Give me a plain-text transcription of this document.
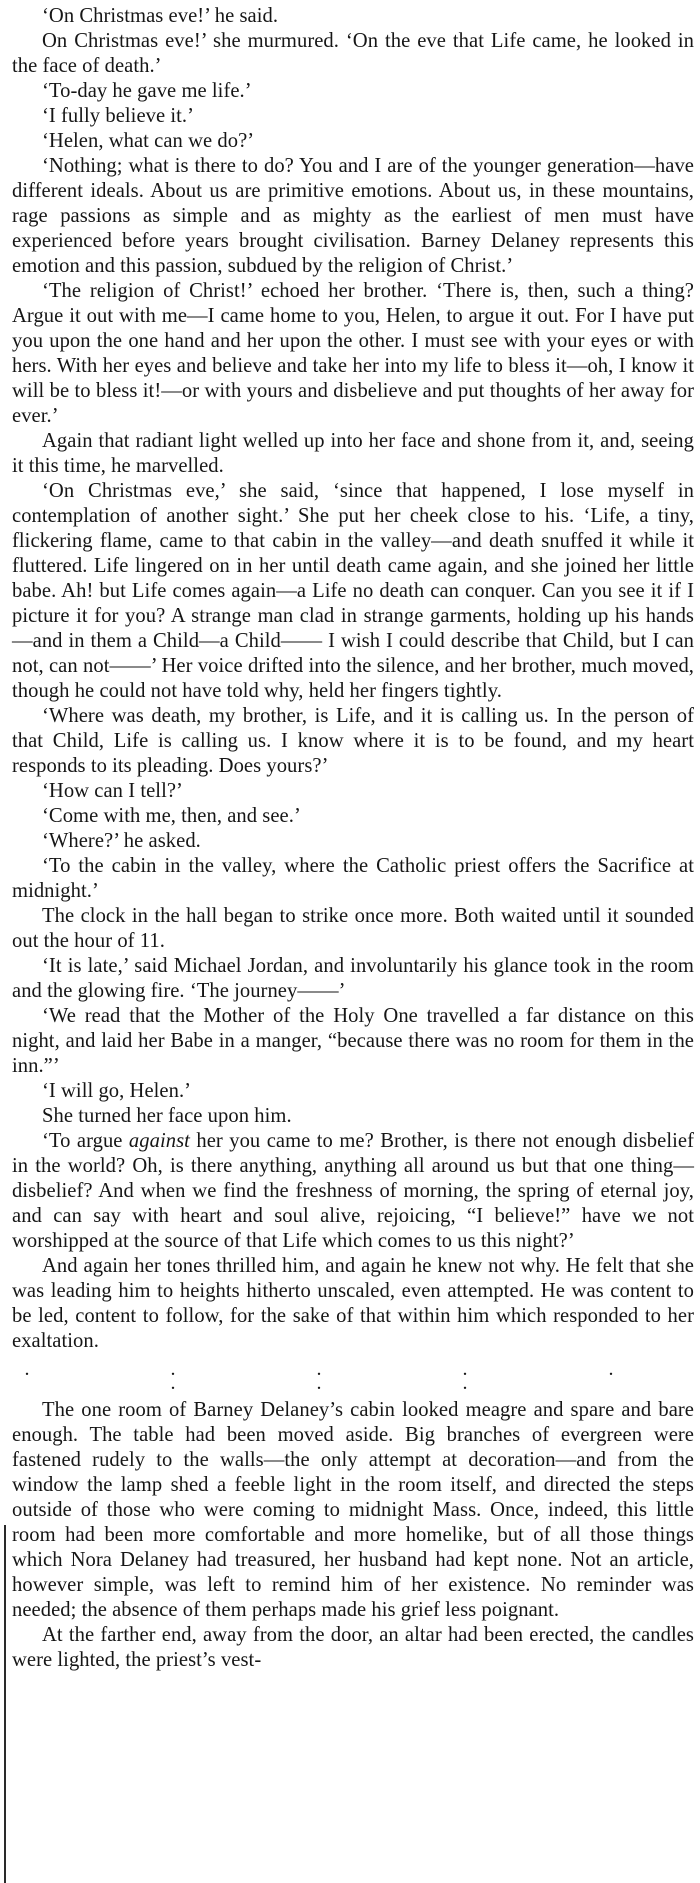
‘On Christmas eve!’ he said.

On Christmas eve!’ she murmured. ‘On the eve that Life came, he looked in the face of death.’

‘To-day he gave me life.’

‘I fully believe it.’

‘Helen, what can we do?’

‘Nothing; what is there to do? You and I are of the younger generation—have different ideals. About us are primitive emotions. About us, in these mountains, rage passions as simple and as mighty as the earliest of men must have experienced before years brought civilisation. Barney Delaney represents this emotion and this passion, subdued by the religion of Christ.’

‘The religion of Christ!’ echoed her brother. ‘There is, then, such a thing? Argue it out with me—I came home to you, Helen, to argue it out. For I have put you upon the one hand and her upon the other. I must see with your eyes or with hers. With her eyes and believe and take her into my life to bless it—oh, I know it will be to bless it!—or with yours and disbelieve and put thoughts of her away for ever.’

Again that radiant light welled up into her face and shone from it, and, seeing it this time, he marvelled.

‘On Christmas eve,’ she said, ‘since that happened, I lose myself in contemplation of another sight.’ She put her cheek close to his. ‘Life, a tiny, flickering flame, came to that cabin in the valley—and death snuffed it while it fluttered. Life lingered on in her until death came again, and she joined her little babe. Ah! but Life comes again—a Life no death can conquer. Can you see it if I picture it for you? A strange man clad in strange garments, holding up his hands—and in them a Child—a Child—— I wish I could describe that Child, but I can not, can not——’ Her voice drifted into the silence, and her brother, much moved, though he could not have told why, held her fingers tightly.

‘Where was death, my brother, is Life, and it is calling us. In the person of that Child, Life is calling us. I know where it is to be found, and my heart responds to its pleading. Does yours?’

‘How can I tell?’

‘Come with me, then, and see.’

‘Where?’ he asked.

‘To the cabin in the valley, where the Catholic priest offers the Sacrifice at midnight.’

The clock in the hall began to strike once more. Both waited until it sounded out the hour of 11.

‘It is late,’ said Michael Jordan, and involuntarily his glance took in the room and the glowing fire. ‘The journey——’

‘We read that the Mother of the Holy One travelled a far distance on this night, and laid her Babe in a manger, “because there was no room for them in the inn.”’

‘I will go, Helen.’

She turned her face upon him.

‘To argue against her you came to me? Brother, is there not enough disbelief in the world? Oh, is there anything, anything all around us but that one thing—disbelief? And when we find the freshness of morning, the spring of eternal joy, and can say with heart and soul alive, rejoicing, “I believe!” have we not worshipped at the source of that Life which comes to us this night?’

And again her tones thrilled him, and again he knew not why. He felt that she was leading him to heights hitherto unscaled, even attempted. He was content to be led, content to follow, for the sake of that within him which responded to her exaltation.

. . . . . . . .

The one room of Barney Delaney’s cabin looked meagre and spare and bare enough. The table had been moved aside. Big branches of evergreen were fastened rudely to the walls—the only attempt at decoration—and from the window the lamp shed a feeble light in the room itself, and directed the steps outside of those who were coming to midnight Mass. Once, indeed, this little room had been more comfortable and more homelike, but of all those things which Nora Delaney had treasured, her husband had kept none. Not an article, however simple, was left to remind him of her existence. No reminder was needed; the absence of them perhaps made his grief less poignant.

At the farther end, away from the door, an altar had been erected, the candles were lighted, the priest’s vest-
